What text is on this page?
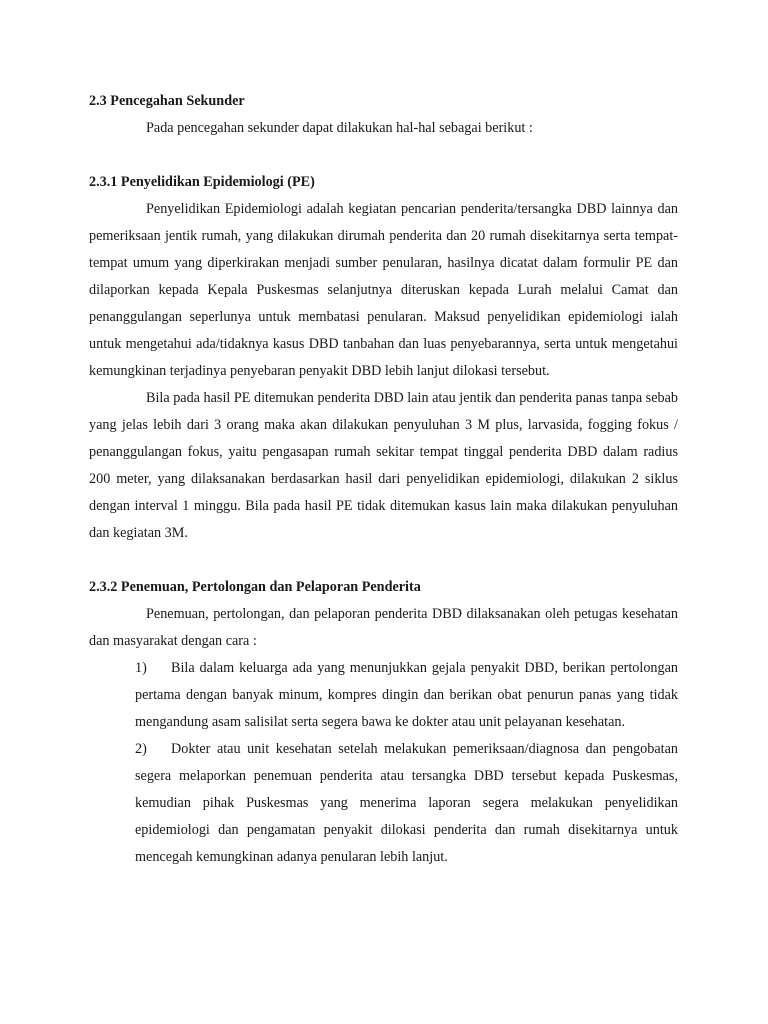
2.3 Pencegahan Sekunder

Pada pencegahan sekunder dapat dilakukan hal-hal sebagai berikut :

2.3.1 Penyelidikan Epidemiologi (PE)

Penyelidikan Epidemiologi adalah kegiatan pencarian penderita/tersangka DBD lainnya dan pemeriksaan jentik rumah, yang dilakukan dirumah penderita dan 20 rumah disekitarnya serta tempat-tempat umum yang diperkirakan menjadi sumber penularan, hasilnya dicatat dalam formulir PE dan dilaporkan kepada Kepala Puskesmas selanjutnya diteruskan kepada Lurah melalui Camat dan penanggulangan seperlunya untuk membatasi penularan. Maksud penyelidikan epidemiologi ialah untuk mengetahui ada/tidaknya kasus DBD tanbahan dan luas penyebarannya, serta untuk mengetahui kemungkinan terjadinya penyebaran penyakit DBD lebih lanjut dilokasi tersebut.

Bila pada hasil PE ditemukan penderita DBD lain atau jentik dan penderita panas tanpa sebab yang jelas lebih dari 3 orang maka akan dilakukan penyuluhan 3 M plus, larvasida, fogging fokus / penanggulangan fokus, yaitu pengasapan rumah sekitar tempat tinggal penderita DBD dalam radius 200 meter, yang dilaksanakan berdasarkan hasil dari penyelidikan epidemiologi, dilakukan 2 siklus dengan interval 1 minggu. Bila pada hasil PE tidak ditemukan kasus lain maka dilakukan penyuluhan dan kegiatan 3M.

2.3.2 Penemuan, Pertolongan dan Pelaporan Penderita

Penemuan, pertolongan, dan pelaporan penderita DBD dilaksanakan oleh petugas kesehatan dan masyarakat dengan cara :

1)	Bila dalam keluarga ada yang menunjukkan gejala penyakit DBD, berikan pertolongan pertama dengan banyak minum, kompres dingin dan berikan obat penurun panas yang tidak mengandung asam salisilat serta segera bawa ke dokter atau unit pelayanan kesehatan.
2)	Dokter atau unit kesehatan setelah melakukan pemeriksaan/diagnosa dan pengobatan segera melaporkan penemuan penderita atau tersangka DBD tersebut kepada Puskesmas, kemudian pihak Puskesmas yang menerima laporan segera melakukan penyelidikan epidemiologi dan pengamatan penyakit dilokasi penderita dan rumah disekitarnya untuk mencegah kemungkinan adanya penularan lebih lanjut.
